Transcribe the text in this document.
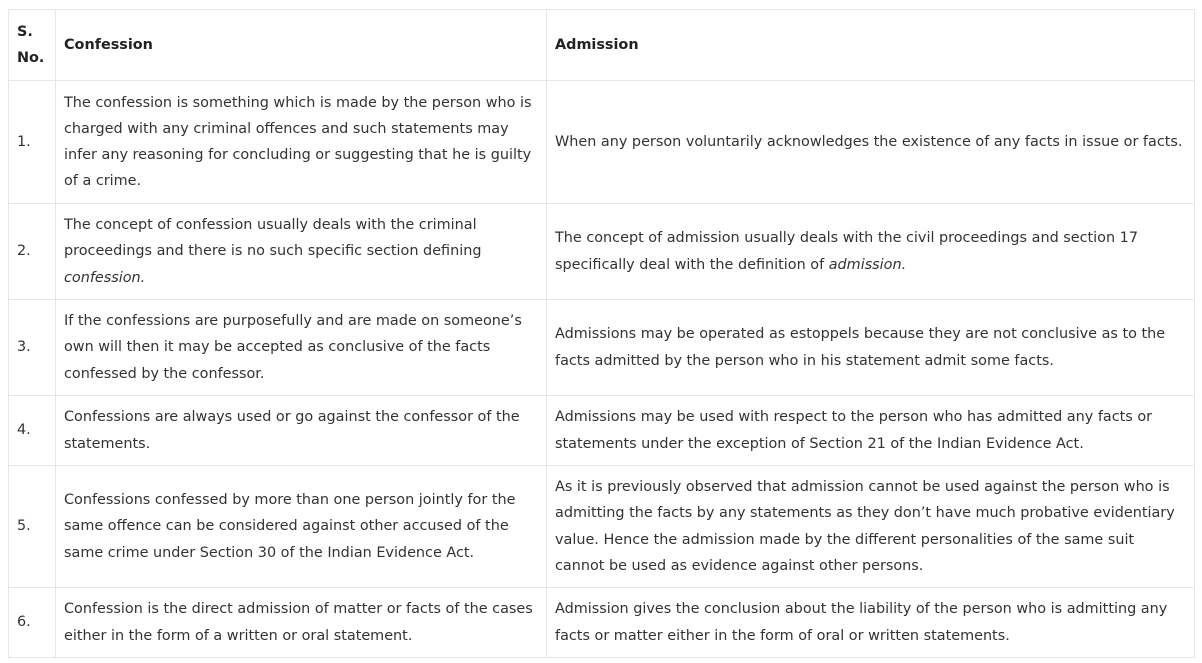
S.
No.	Confession	Admission
1.	The confession is something which is made by the person who is charged with any criminal offences and such statements may infer any reasoning for concluding or suggesting that he is guilty of a crime.	When any person voluntarily acknowledges the existence of any facts in issue or facts.
2.	The concept of confession usually deals with the criminal proceedings and there is no such specific section defining confession.	The concept of admission usually deals with the civil proceedings and section 17 specifically deal with the definition of admission.
3.	If the confessions are purposefully and are made on someone’s own will then it may be accepted as conclusive of the facts confessed by the confessor.	Admissions may be operated as estoppels because they are not conclusive as to the facts admitted by the person who in his statement admit some facts.
4.	Confessions are always used or go against the confessor of the statements.	Admissions may be used with respect to the person who has admitted any facts or statements under the exception of Section 21 of the Indian Evidence Act.
5.	Confessions confessed by more than one person jointly for the same offence can be considered against other accused of the same crime under Section 30 of the Indian Evidence Act.	As it is previously observed that admission cannot be used against the person who is admitting the facts by any statements as they don’t have much probative evidentiary value. Hence the admission made by the different personalities of the same suit cannot be used as evidence against other persons.
6.	Confession is the direct admission of matter or facts of the cases either in the form of a written or oral statement.	Admission gives the conclusion about the liability of the person who is admitting any facts or matter either in the form of oral or written statements.
